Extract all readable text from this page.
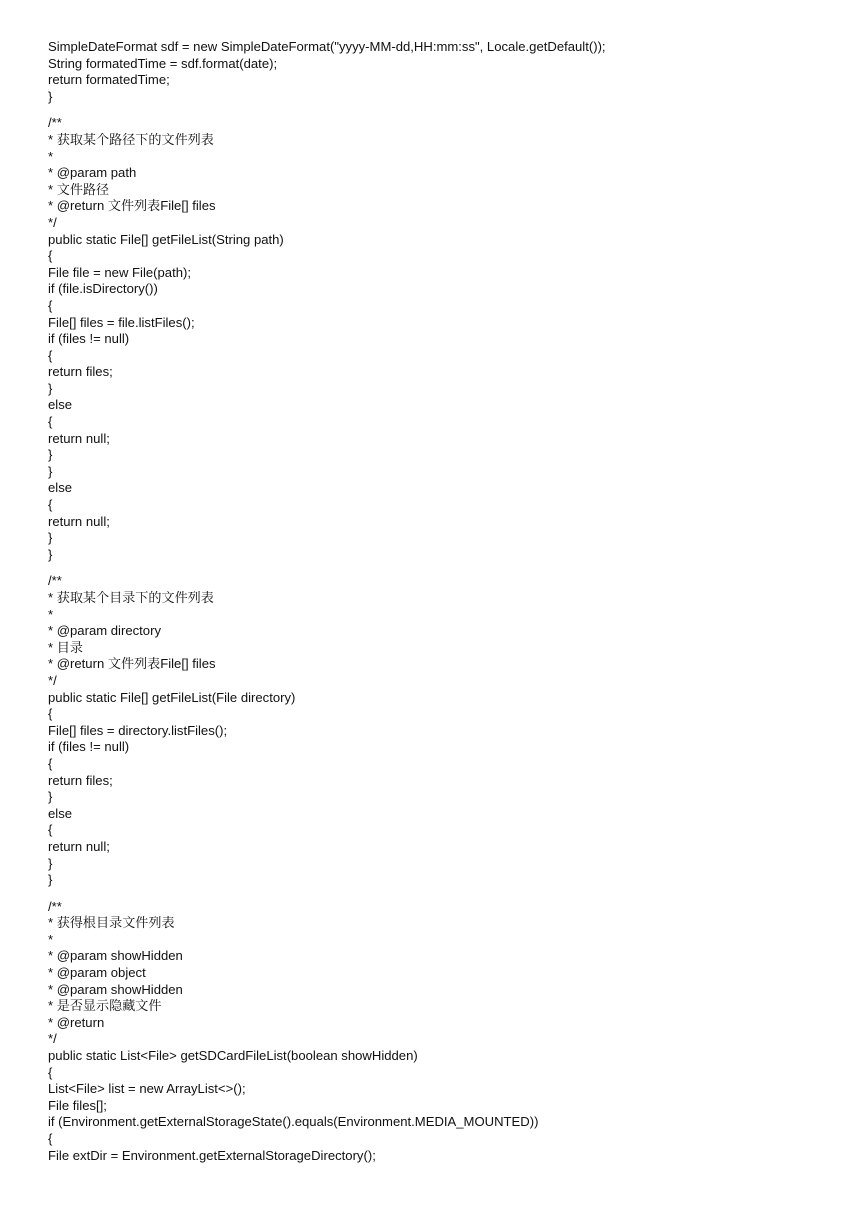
SimpleDateFormat sdf = new SimpleDateFormat("yyyy-MM-dd,HH:mm:ss", Locale.getDefault());
String formatedTime = sdf.format(date);
return formatedTime;
}
/**
* 获取某个路径下的文件列表
*
* @param path
* 文件路径
* @return 文件列表File[] files
*/
public static File[] getFileList(String path)
{
File file = new File(path);
if (file.isDirectory())
{
File[] files = file.listFiles();
if (files != null)
{
return files;
}
else
{
return null;
}
}
else
{
return null;
}
}
/**
* 获取某个目录下的文件列表
*
* @param directory
* 目录
* @return 文件列表File[] files
*/
public static File[] getFileList(File directory)
{
File[] files = directory.listFiles();
if (files != null)
{
return files;
}
else
{
return null;
}
}
/**
* 获得根目录文件列表
*
* @param showHidden
* @param object
* @param showHidden
* 是否显示隐藏文件
* @return
*/
public static List<File> getSDCardFileList(boolean showHidden)
{
List<File> list = new ArrayList<>();
File files[];
if (Environment.getExternalStorageState().equals(Environment.MEDIA_MOUNTED))
{
File extDir = Environment.getExternalStorageDirectory();
